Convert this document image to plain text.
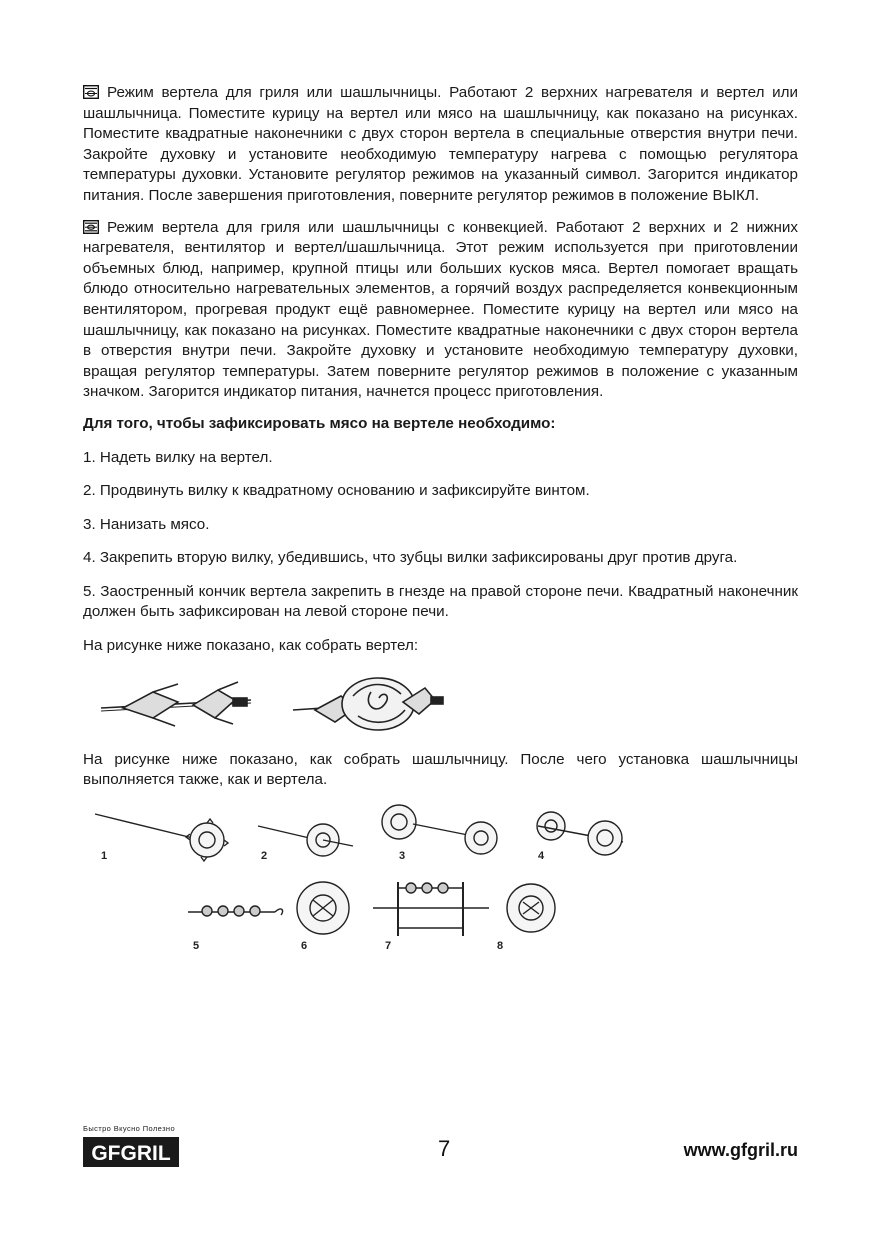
Режим вертела для гриля или шашлычницы. Работают 2 верхних нагревателя и вертел или шашлычница. Поместите курицу на вертел или мясо на шашлычницу, как показано на рисунках. Поместите квадратные наконечники с двух сторон вертела в специальные отверстия внутри печи. Закройте духовку и установите необходимую температуру нагрева с помощью регулятора температуры духовки. Установите регулятор режимов на указанный символ. Загорится индикатор питания. После завершения приготовления, поверните регулятор режимов в положение ВЫКЛ.

Режим вертела для гриля или шашлычницы с конвекцией. Работают 2 верхних и 2 нижних нагревателя, вентилятор и вертел/шашлычница. Этот режим используется при приготовлении объемных блюд, например, крупной птицы или больших кусков мяса. Вертел помогает вращать блюдо относительно нагревательных элементов, а горячий воздух распределяется конвекционным вентилятором, прогревая продукт ещё равномернее. Поместите курицу на вертел или мясо на шашлычницу, как показано на рисунках. Поместите квадратные наконечники с двух сторон вертела в отверстия внутри печи. Закройте духовку и установите необходимую температуру духовки, вращая регулятор температуры. Затем поверните регулятор режимов в положение с указанным значком. Загорится индикатор питания, начнется процесс приготовления.

Для того, чтобы зафиксировать мясо на вертеле необходимо:

1. Надеть вилку на вертел.

2. Продвинуть вилку к квадратному основанию и зафиксируйте винтом.

3. Нанизать мясо.

4. Закрепить вторую вилку, убедившись, что зубцы вилки зафиксированы друг против друга.

5. Заостренный кончик вертела закрепить в гнезде на правой стороне печи. Квадратный наконечник должен быть зафиксирован на левой стороне печи.

На рисунке ниже показано, как собрать вертел:

На рисунке ниже показано, как собрать шашлычницу. После чего установка шашлычницы выполняется также, как и вертела.

1	2	3	4
5	6	7	8
Быстро Вкусно Полезно
GFGRIL	7	www.gfgril.ru
